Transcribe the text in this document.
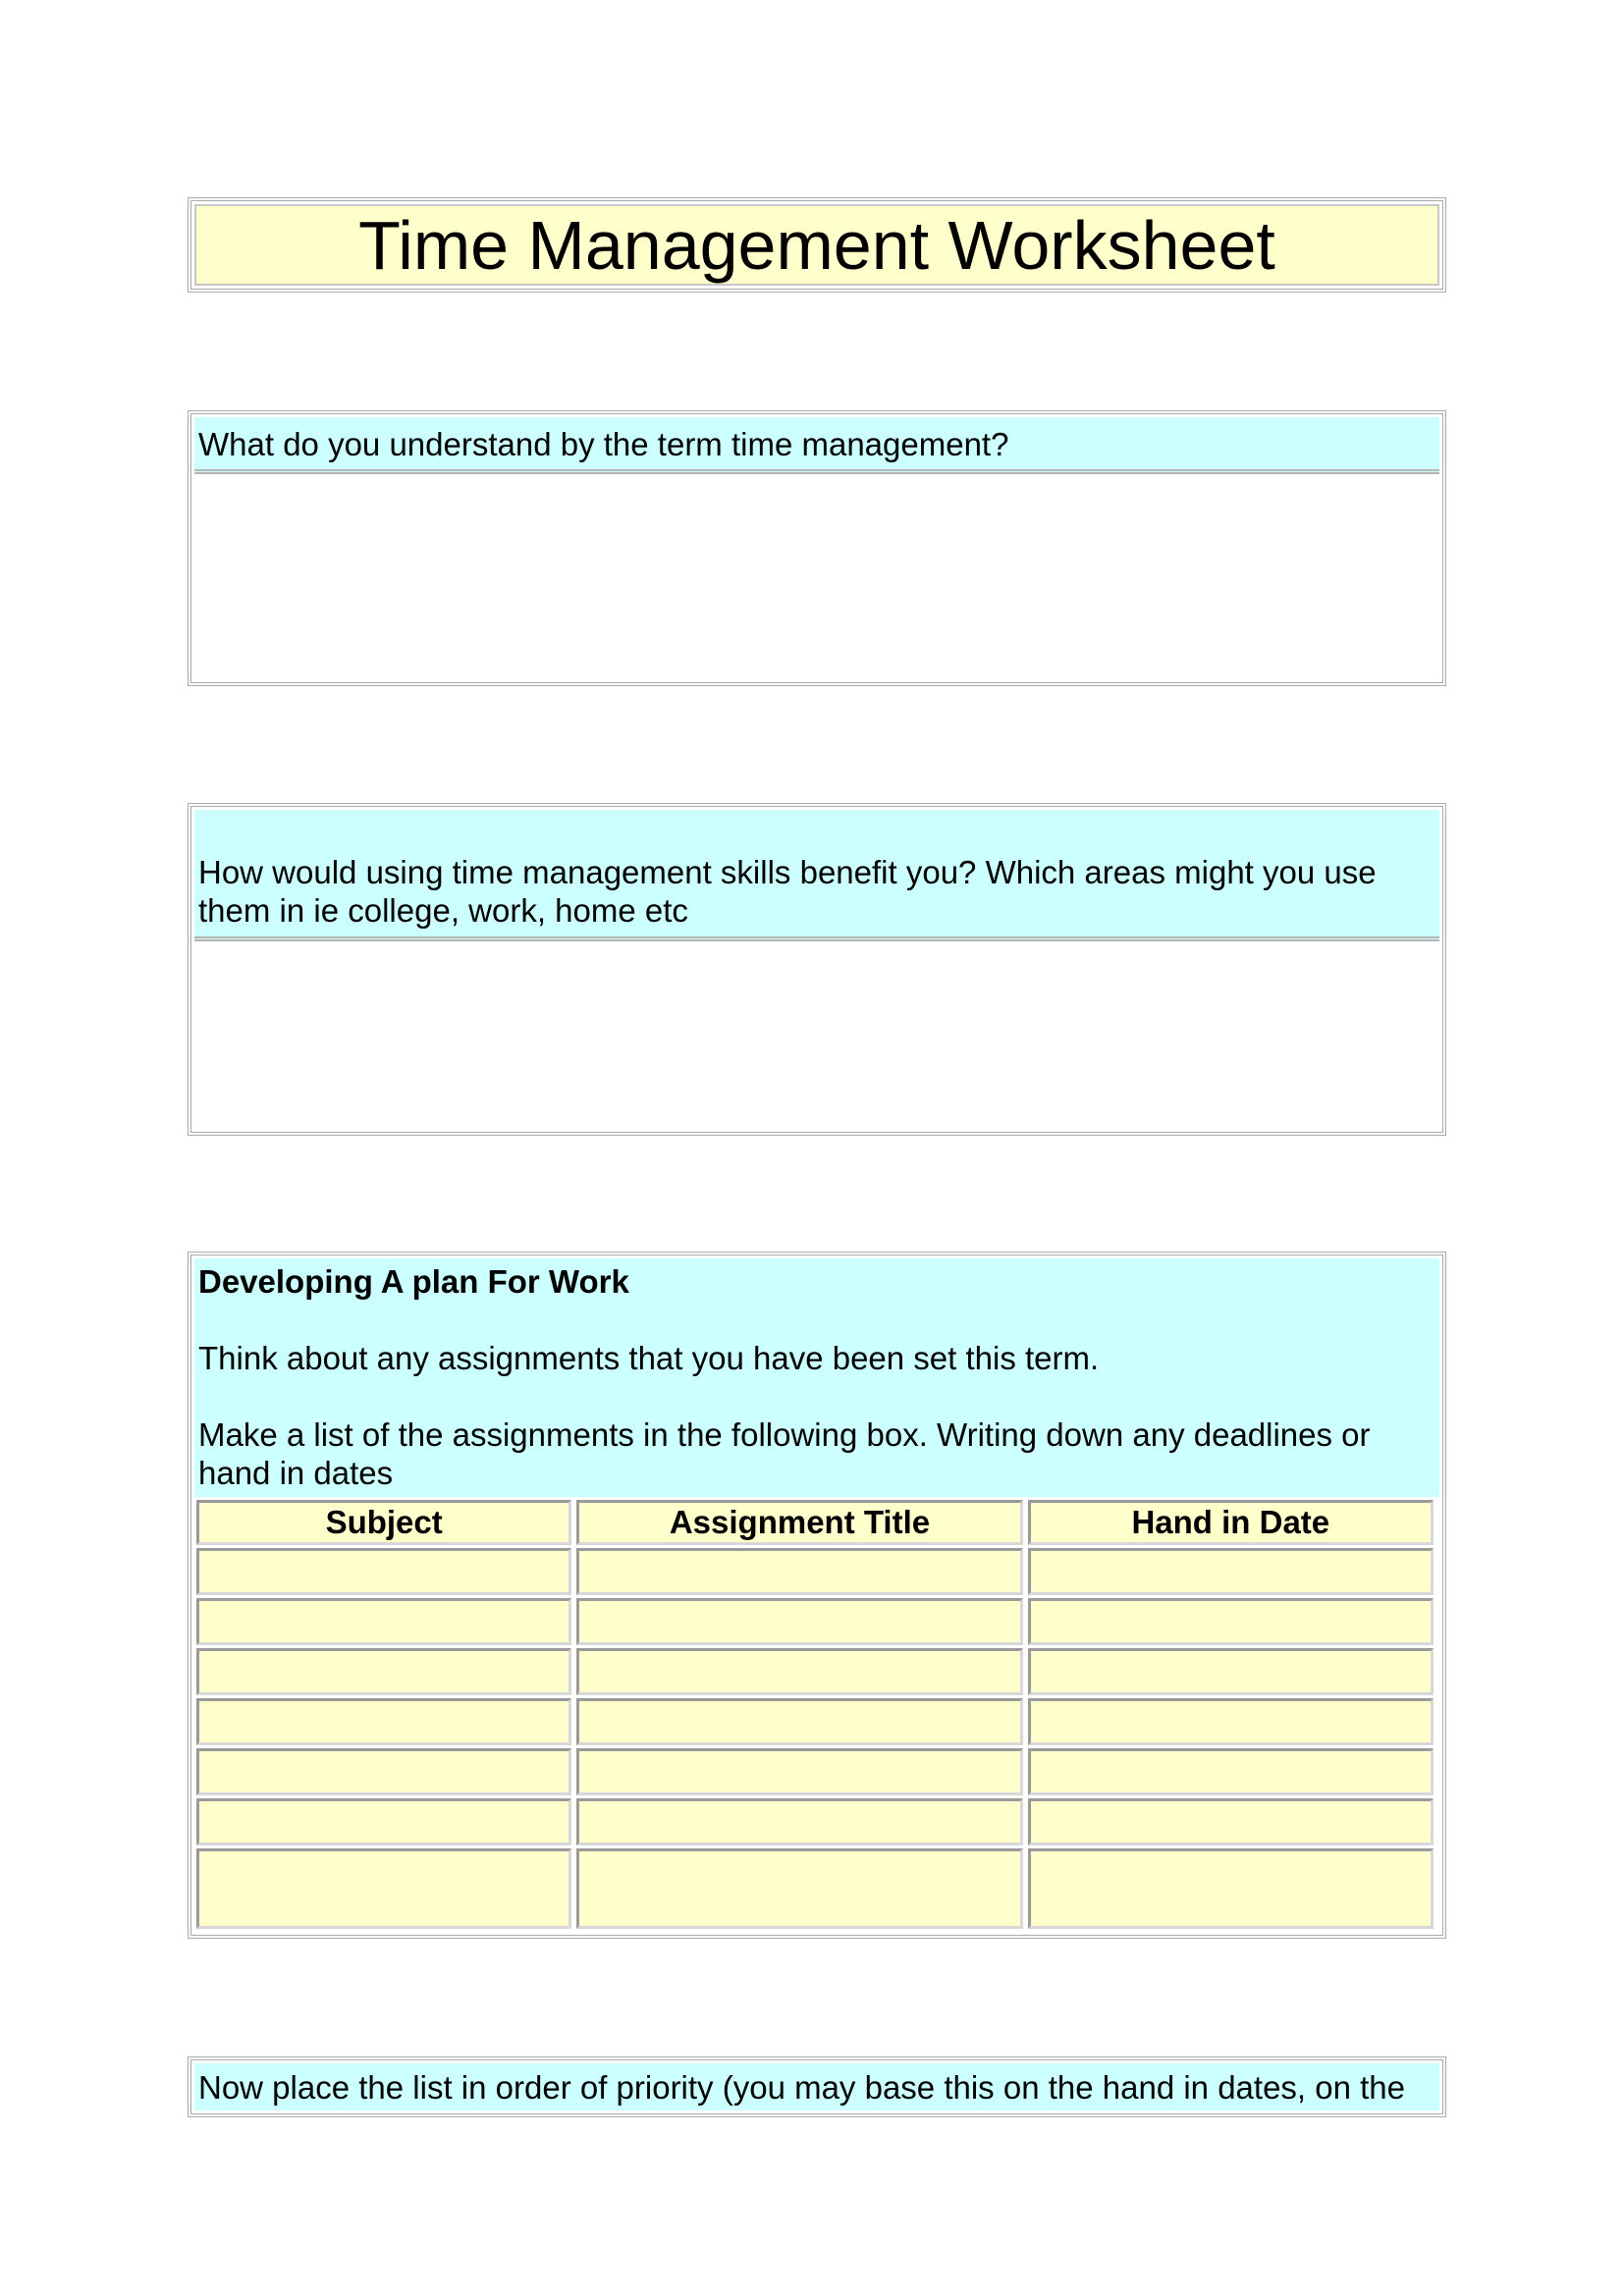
Time Management Worksheet
What do you understand by the term time management?
How would using time management skills benefit you? Which areas might you use
them in ie college, work, home etc

Developing A plan For Work

Think about any assignments that you have been set this term.

Make a list of the assignments in the following box. Writing down any deadlines or
hand in dates

Subject	Assignment Title	Hand in Date

Now place the list in order of priority (you may base this on the hand in dates, on the
